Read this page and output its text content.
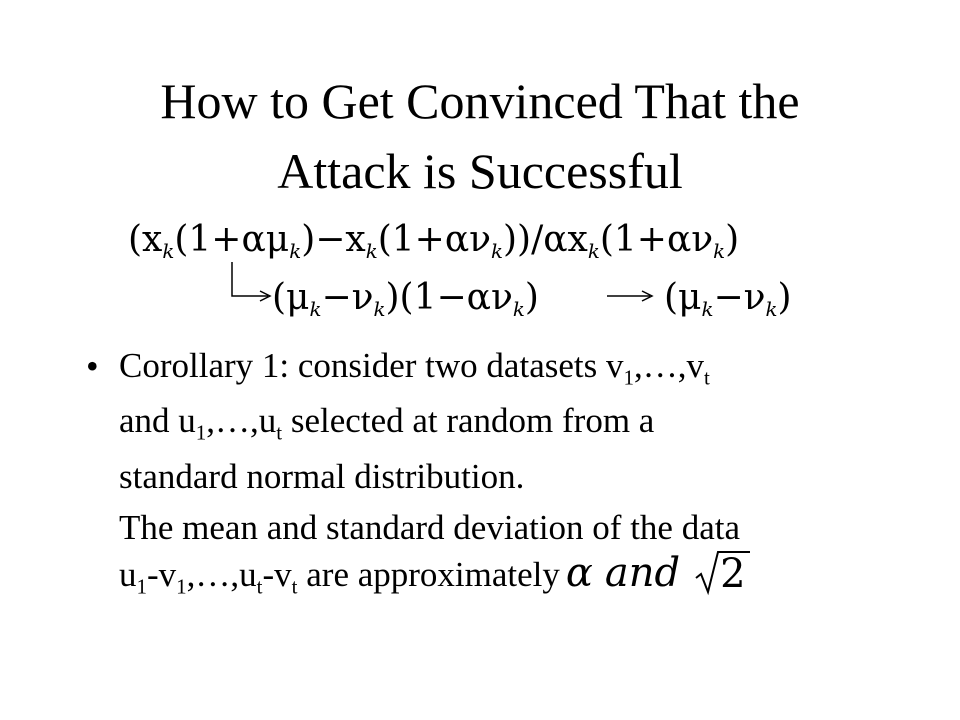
How to Get Convinced That the
Attack is Successful
$(x_k(1+\alpha\mu_k)-x_k(1+\alpha\nu_k))/\alpha x_k(1+\alpha\nu_k)$
$(\mu_k-\nu_k)(1-\alpha\nu_k)$	$(\mu_k-\nu_k)$
• Corollary 1: consider two datasets $v_1,\dots,v_t$
and $u_1,\dots,u_t$ selected at random from a
standard normal distribution.
The mean and standard deviation of the data
$u_1-v_1,\dots,u_t-v_t$ are approximately α and 2
